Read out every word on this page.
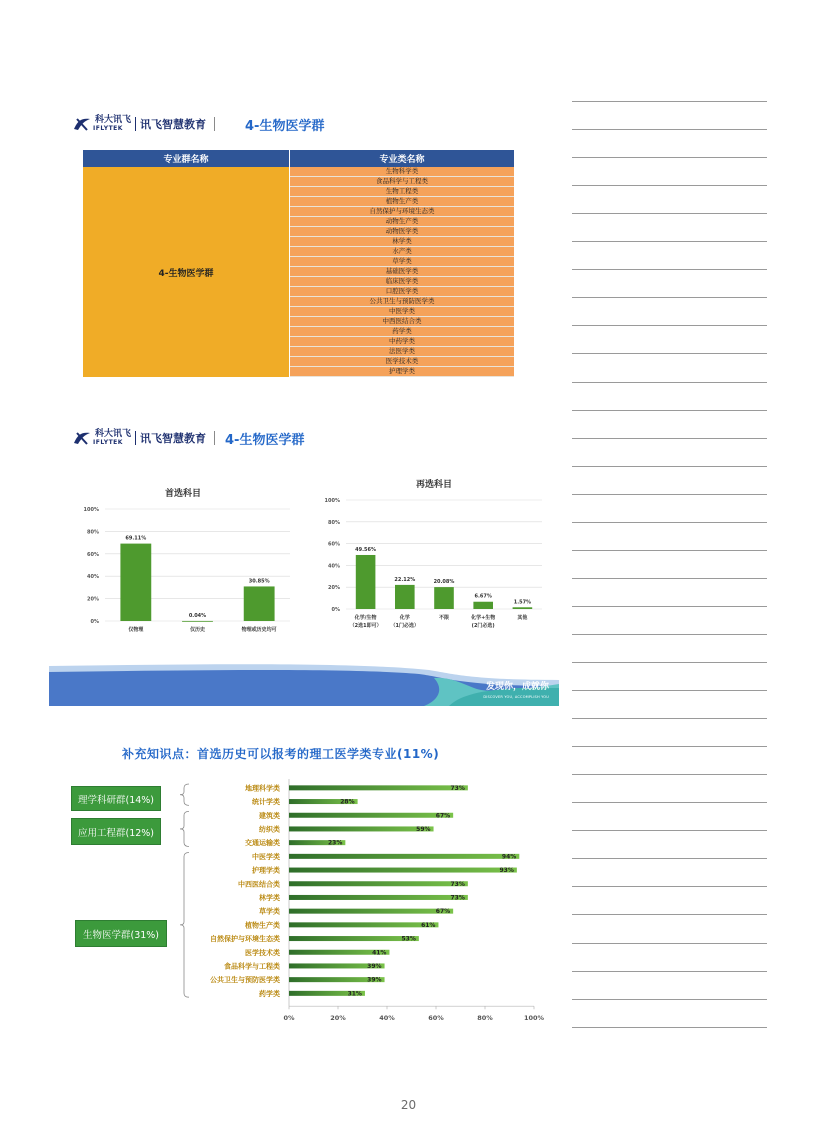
科大讯飞
IFLYTEK	讯飞智慧教育	4-生物医学群
专业群名称	专业类名称
4-生物医学群
生物科学类
食品科学与工程类
生物工程类
植物生产类
自然保护与环境生态类
动物生产类
动物医学类
林学类
水产类
草学类
基础医学类
临床医学类
口腔医学类
公共卫生与预防医学类
中医学类
中西医结合类
药学类
中药学类
法医学类
医学技术类
护理学类
科大讯飞
IFLYTEK	讯飞智慧教育 4-生物医学群
首选科目
0%
20%
40%
60%
80%
100%
69.11%
仅物理
0.04%
仅历史
30.85%
物理或历史均可
再选科目
0%
20%
40%
60%
80%
100%
49.56%
化学/生物
（2选1即可）
22.12%
化学
（1门必选）
20.08%
不限
6.67%
化学+生物
(2门必选)
1.57%
其他
发现你，成就你
DISCOVER YOU, ACCOMPLISH YOU
补充知识点：首选历史可以报考的理工医学类专业(11%)
0%	20%	40%	60%	80%	100%
73%
地理科学类
28%
统计学类
67%
建筑类
59%
纺织类
23%
交通运输类
94%
中医学类
93%
护理学类
73%
中西医结合类
73%
林学类
67%
草学类
61%
植物生产类
53%
自然保护与环境生态类
41%
医学技术类
39%
食品科学与工程类
39%
公共卫生与预防医学类
31%
药学类
理学科研群(14%)
应用工程群(12%)
生物医学群(31%)
20
